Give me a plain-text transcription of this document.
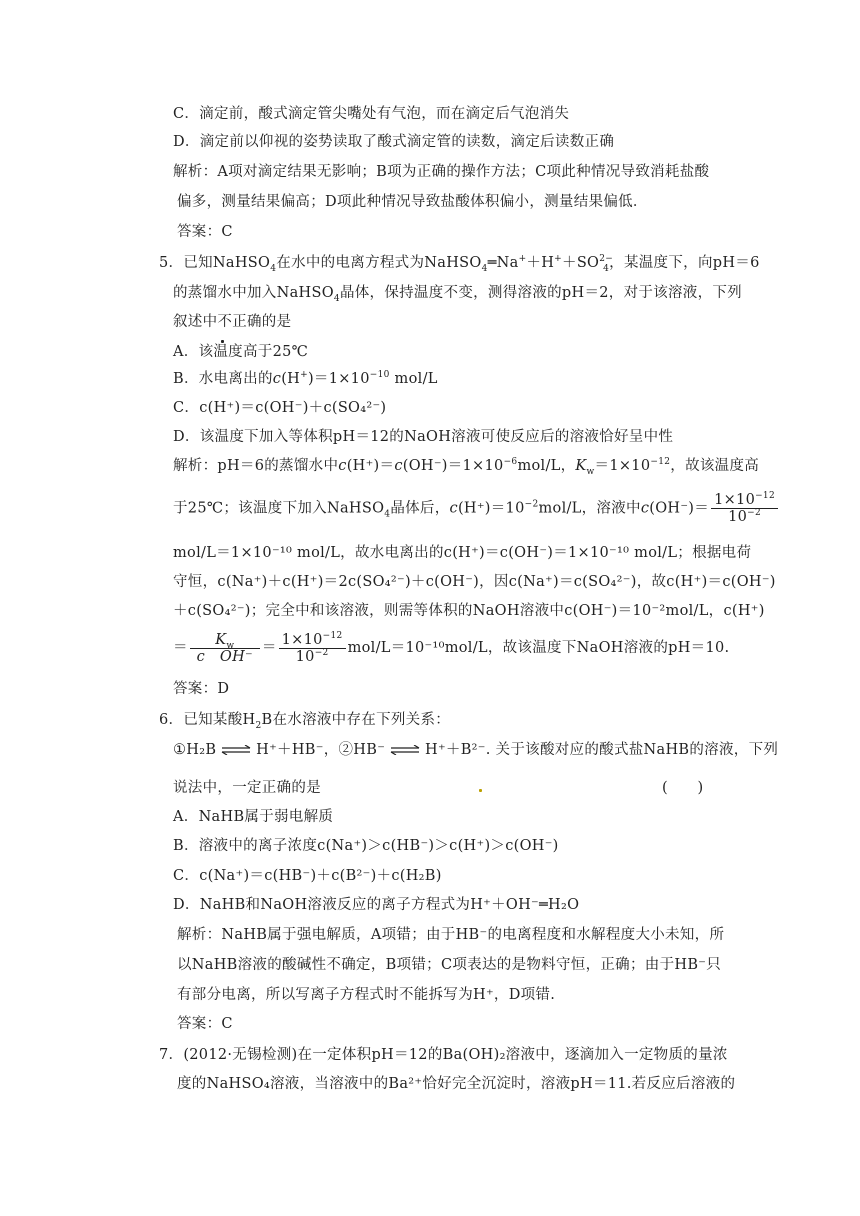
C．滴定前，酸式滴定管尖嘴处有气泡，而在滴定后气泡消失
D．滴定前以仰视的姿势读取了酸式滴定管的读数，滴定后读数正确
解析：A项对滴定结果无影响；B项为正确的操作方法；C项此种情况导致消耗盐酸
偏多，测量结果偏高；D项此种情况导致盐酸体积偏小，测量结果偏低．
答案：C
5．已知NaHSO$_4$在水中的电离方程式为$NaHSO_4═Na^++H^++SO^{2-}_4$，某温度下，向pH＝6
的蒸馏水中加入NaHSO$_4$晶体，保持温度不变，测得溶液的pH＝2，对于该溶液，下列
叙述中不正确的是
A．该温度高于25℃
B．水电离出的$c(H^+)=1\times 10^{-10}$ mol/L
C．c(H⁺)＝c(OH⁻)＋c(SO₄²⁻)
D．该温度下加入等体积pH＝12的NaOH溶液可使反应后的溶液恰好呈中性
解析：pH＝6的蒸馏水中$c(H^+)=c(OH^-)=1\times 10^{-6}mol/L$，$K_w=1\times 10^{-12}$，故该温度高
于25℃；该温度下加入NaHSO$_4$晶体后，$c(H^+)=10^{-2}mol/L$，溶液中$c(OH^-)= \frac{1\times 10^{-12}}{10^{-2}}$
mol/L＝1×10⁻¹⁰ mol/L，故水电离出的c(H⁺)＝c(OH⁻)＝1×10⁻¹⁰ mol/L；根据电荷
守恒，c(Na⁺)＋c(H⁺)＝2c(SO₄²⁻)＋c(OH⁻)，因c(Na⁺)＝c(SO₄²⁻)，故c(H⁺)＝c(OH⁻)
＋c(SO₄²⁻)；完全中和该溶液，则需等体积的NaOH溶液中c(OH⁻)＝10⁻²mol/L，c(H⁺)
＝ $\frac{K_w}{\text{c　OH⁻}} = \frac{1\times 10^{-12}}{10^{-2}} mol/L=10^{-10}mol/L$，故该温度下NaOH溶液的pH＝10.
答案：D
6．已知某酸$H_2B$在水溶液中存在下列关系：
①H₂B ⇌ H⁺＋HB⁻，②HB⁻ ⇌ H⁺＋B²⁻. 关于该酸对应的酸式盐NaHB的溶液，下列
说法中，一定正确的是	(　　)
A．NaHB属于弱电解质
B．溶液中的离子浓度c(Na⁺)＞c(HB⁻)＞c(H⁺)＞c(OH⁻)
C．c(Na⁺)＝c(HB⁻)＋c(B²⁻)＋c(H₂B)
D．NaHB和NaOH溶液反应的离子方程式为H⁺＋OH⁻═H₂O
解析：NaHB属于强电解质，A项错；由于HB⁻的电离程度和水解程度大小未知，所
以NaHB溶液的酸碱性不确定，B项错；C项表达的是物料守恒，正确；由于HB⁻只
有部分电离，所以写离子方程式时不能拆写为H⁺，D项错.
答案：C
7．(2012·无锡检测)在一定体积pH＝12的Ba(OH)₂溶液中，逐滴加入一定物质的量浓
度的NaHSO₄溶液，当溶液中的Ba²⁺恰好完全沉淀时，溶液pH＝11.若反应后溶液的
